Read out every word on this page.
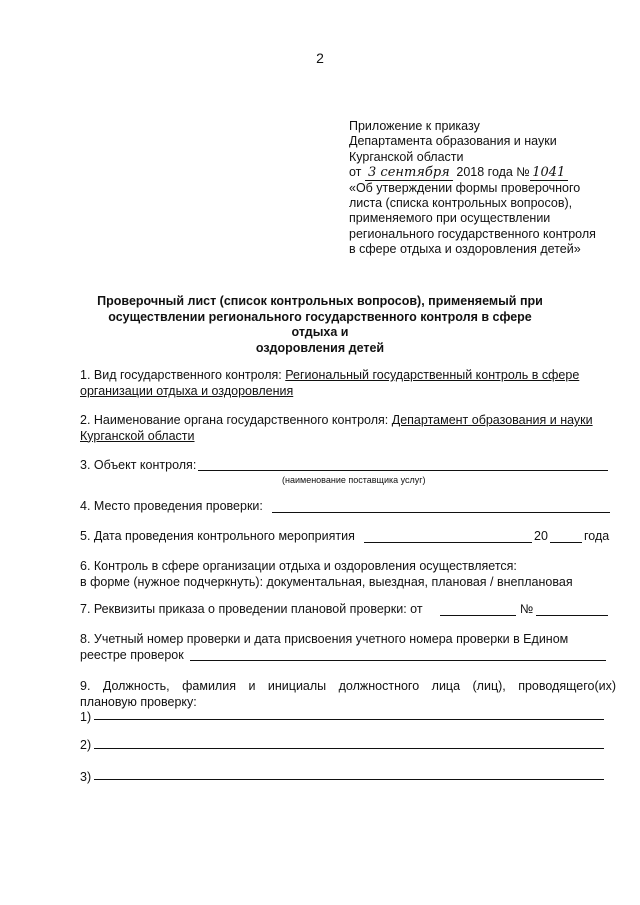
2
Приложение к приказу
Департамента образования и науки
Курганской области
от 3 сентября 2018 года № 1041
«Об утверждении формы проверочного
листа (списка контрольных вопросов),
применяемого при осуществлении
регионального государственного контроля
в сфере отдыха и оздоровления детей»
Проверочный лист (список контрольных вопросов), применяемый при
осуществлении регионального государственного контроля в сфере отдыха и
оздоровления детей
1. Вид государственного контроля: Региональный государственный контроль в сфере
организации отдыха и оздоровления
2. Наименование органа государственного контроля: Департамент образования и науки
Курганской области
3. Объект контроля:
(наименование поставщика услуг)
4. Место проведения проверки:
5. Дата проведения контрольного мероприятия	20	года
6. Контроль в сфере организации отдыха и оздоровления осуществляется:
в форме (нужное подчеркнуть): документальная, выездная, плановая / внеплановая
7. Реквизиты приказа о проведении плановой проверки: от	№
8. Учетный номер проверки и дата присвоения учетного номера проверки в Едином
реестре проверок
9. Должность, фамилия и инициалы должностного лица (лиц), проводящего(их)
плановую проверку:
1)
2)
3)
